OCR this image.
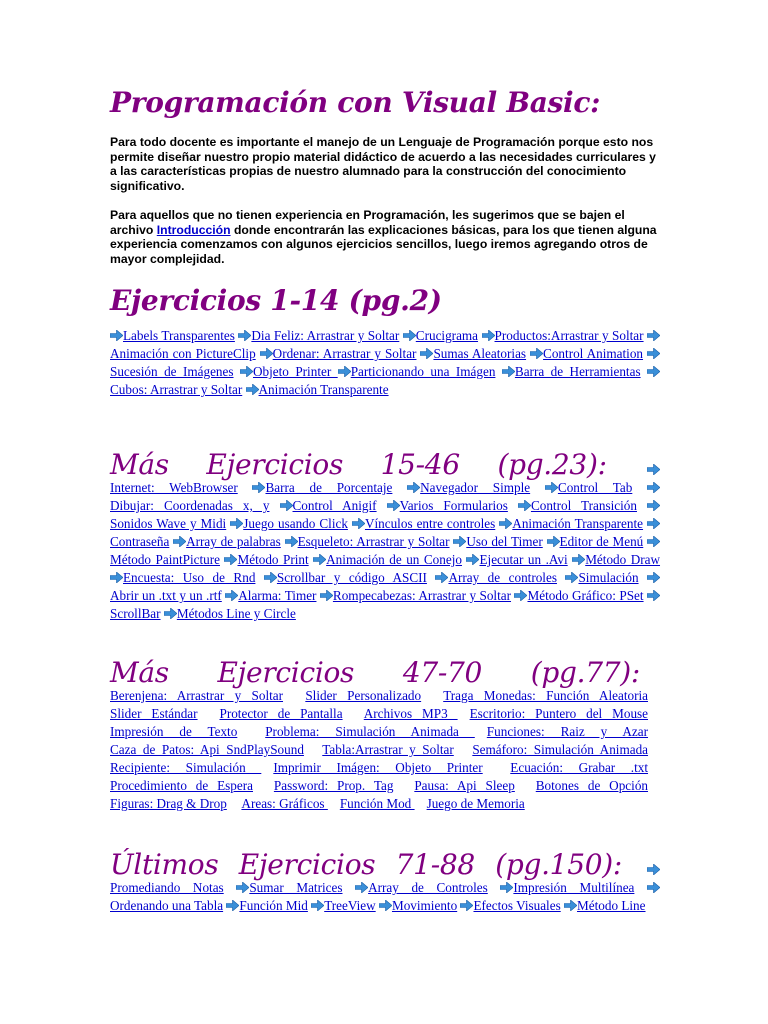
Programación con Visual Basic:

Para todo docente es importante el manejo de un Lenguaje de Programación porque esto nos permite diseñar nuestro propio material didáctico de acuerdo a las necesidades curriculares y a las características propias de nuestro alumnado para la construcción del conocimiento significativo.

Para aquellos que no tienen experiencia en Programación, les sugerimos que se bajen el archivo Introducción donde encontrarán las explicaciones básicas, para los que tienen alguna experiencia comenzamos con algunos ejercicios sencillos, luego iremos agregando otros de mayor complejidad.

Ejercicios 1-14 (pg.2)
Labels Transparentes Dia Feliz: Arrastrar y Soltar Crucigrama Productos:Arrastrar y Soltar
Animación con PictureClip Ordenar: Arrastrar y Soltar Sumas Aleatorias Control Animation
Sucesión de Imágenes Objeto Printer
Particionando una Imágen Barra de Herramientas
Cubos: Arrastrar y Soltar Animación Transparente
Más Ejercicios 15-46 (pg.23):
Internet: WebBrowser Barra de Porcentaje Navegador Simple Control Tab
Dibujar: Coordenadas x, y Control Anigif Varios Formularios Control Transición
Sonidos Wave y Midi Juego usando Click Vínculos entre controles Animación Transparente
Contraseña Array de palabras Esqueleto: Arrastrar y Soltar Uso del Timer Editor de Menú
Método PaintPicture Método Print Animación de un Conejo Ejecutar un .Avi Método Draw
Encuesta: Uso de Rnd Scrollbar y código ASCII Array de controles Simulación
Abrir un .txt y un .rtf Alarma: Timer Rompecabezas: Arrastrar y Soltar Método Gráfico: PSet
ScrollBar Métodos Line y Circle
Más Ejercicios 47-70 (pg.77): Berenjena: Arrastrar y Soltar Slider Personalizado Traga Monedas: Función Aleatoria Slider Estándar Protector de Pantalla Archivos MP3 Escritorio: Puntero del Mouse Impresión de Texto Problema: Simulación Animada Funciones: Raiz y Azar Caza de Patos: Api SndPlaySound Tabla:Arrastrar y Soltar Semáforo: Simulación Animada Recipiente: Simulación Imprimir Imágen: Objeto Printer Ecuación: Grabar .txt Procedimiento de Espera Password: Prop. Tag Pausa: Api Sleep Botones de Opción Figuras: Drag & Drop Areas: Gráficos Función Mod Juego de Memoria
Últimos Ejercicios 71-88 (pg.150):
Promediando Notas Sumar Matrices Array de Controles Impresión Multilínea
Ordenando una Tabla Función Mid TreeView Movimiento Efectos Visuales Método Line
